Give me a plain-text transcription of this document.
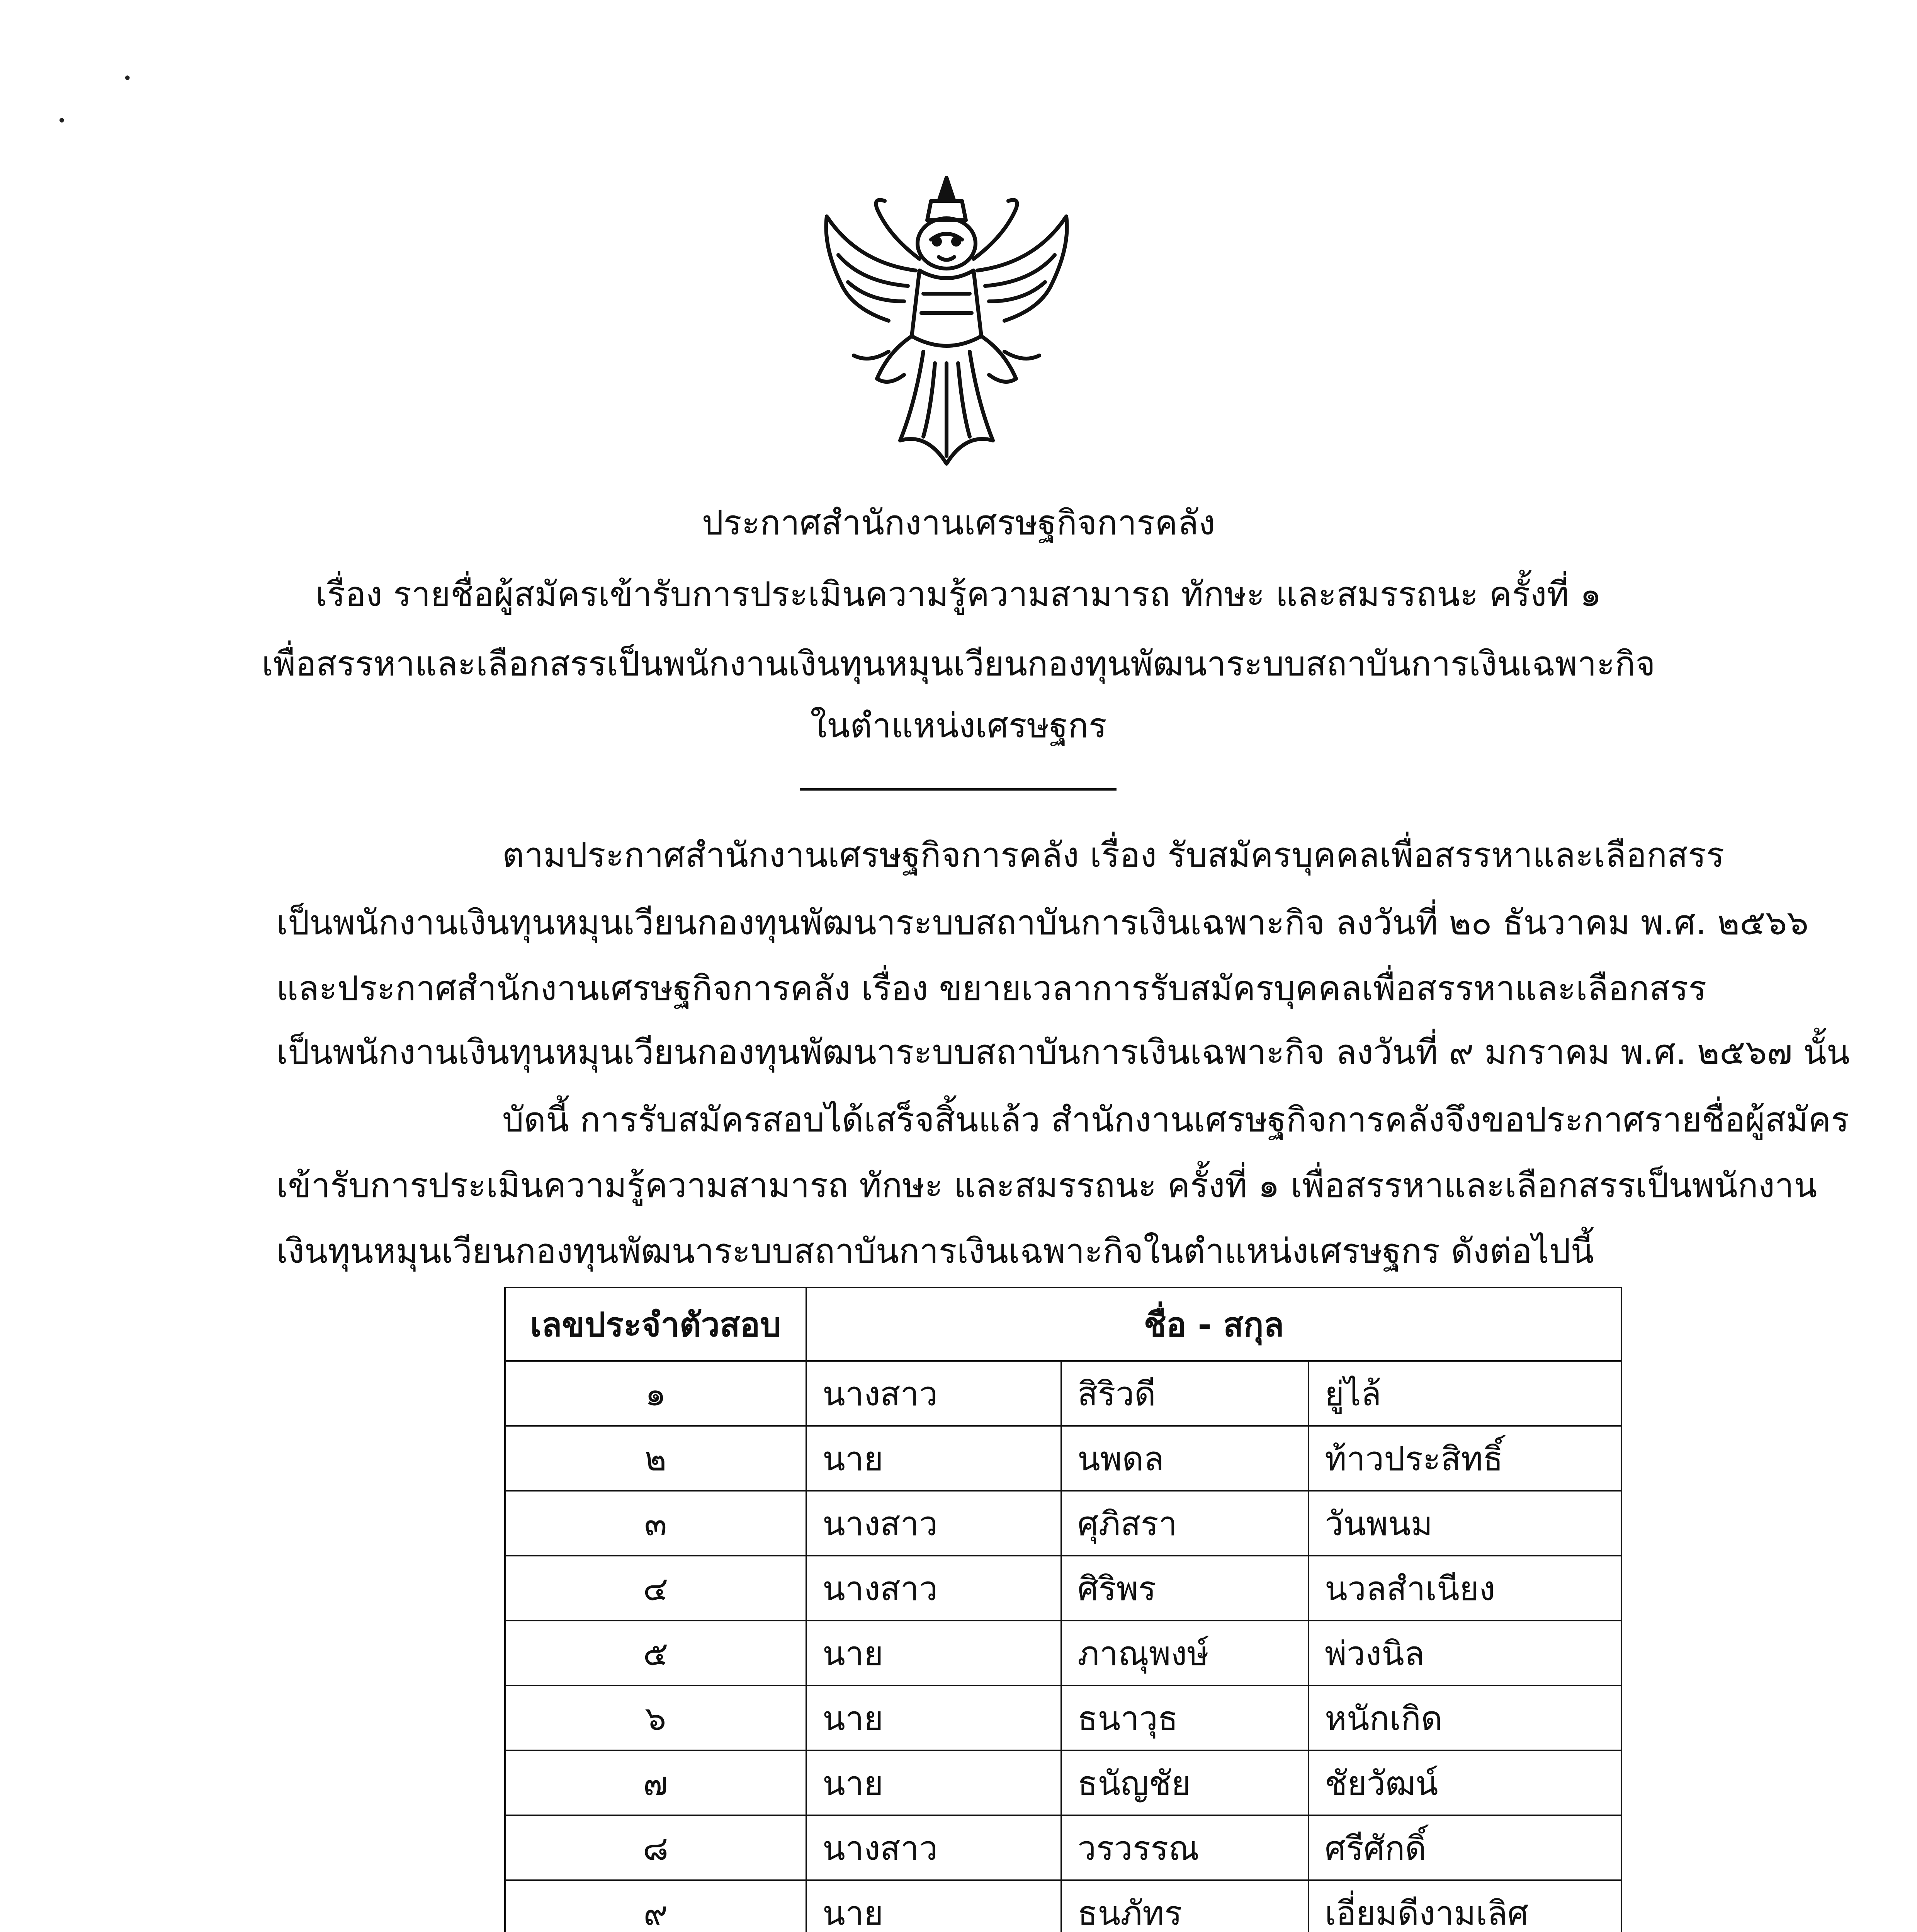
•
•
ประกาศสำนักงานเศรษฐกิจการคลัง
เรื่อง รายชื่อผู้สมัครเข้ารับการประเมินความรู้ความสามารถ ทักษะ และสมรรถนะ ครั้งที่ ๑
เพื่อสรรหาและเลือกสรรเป็นพนักงานเงินทุนหมุนเวียนกองทุนพัฒนาระบบสถาบันการเงินเฉพาะกิจ
ในตำแหน่งเศรษฐกร
ตามประกาศสำนักงานเศรษฐกิจการคลัง เรื่อง รับสมัครบุคคลเพื่อสรรหาและเลือกสรร
เป็นพนักงานเงินทุนหมุนเวียนกองทุนพัฒนาระบบสถาบันการเงินเฉพาะกิจ ลงวันที่ ๒๐ ธันวาคม พ.ศ. ๒๕๖๖
และประกาศสำนักงานเศรษฐกิจการคลัง เรื่อง ขยายเวลาการรับสมัครบุคคลเพื่อสรรหาและเลือกสรร
เป็นพนักงานเงินทุนหมุนเวียนกองทุนพัฒนาระบบสถาบันการเงินเฉพาะกิจ ลงวันที่ ๙ มกราคม พ.ศ. ๒๕๖๗ นั้น
บัดนี้ การรับสมัครสอบได้เสร็จสิ้นแล้ว สำนักงานเศรษฐกิจการคลังจึงขอประกาศรายชื่อผู้สมัคร
เข้ารับการประเมินความรู้ความสามารถ ทักษะ และสมรรถนะ ครั้งที่ ๑ เพื่อสรรหาและเลือกสรรเป็นพนักงาน
เงินทุนหมุนเวียนกองทุนพัฒนาระบบสถาบันการเงินเฉพาะกิจในตำแหน่งเศรษฐกร ดังต่อไปนี้
เลขประจำตัวสอบ	ชื่อ - สกุล		
๑	นางสาว	สิริวดี	ยู่ไล้
๒	นาย	นพดล	ท้าวประสิทธิ์
๓	นางสาว	ศุภิสรา	วันพนม
๔	นางสาว	ศิริพร	นวลสำเนียง
๕	นาย	ภาณุพงษ์	พ่วงนิล
๖	นาย	ธนาวุธ	หนักเกิด
๗	นาย	ธนัญชัย	ชัยวัฒน์
๘	นางสาว	วรวรรณ	ศรีศักดิ์
๙	นาย	ธนภัทร	เอี่ยมดีงามเลิศ
